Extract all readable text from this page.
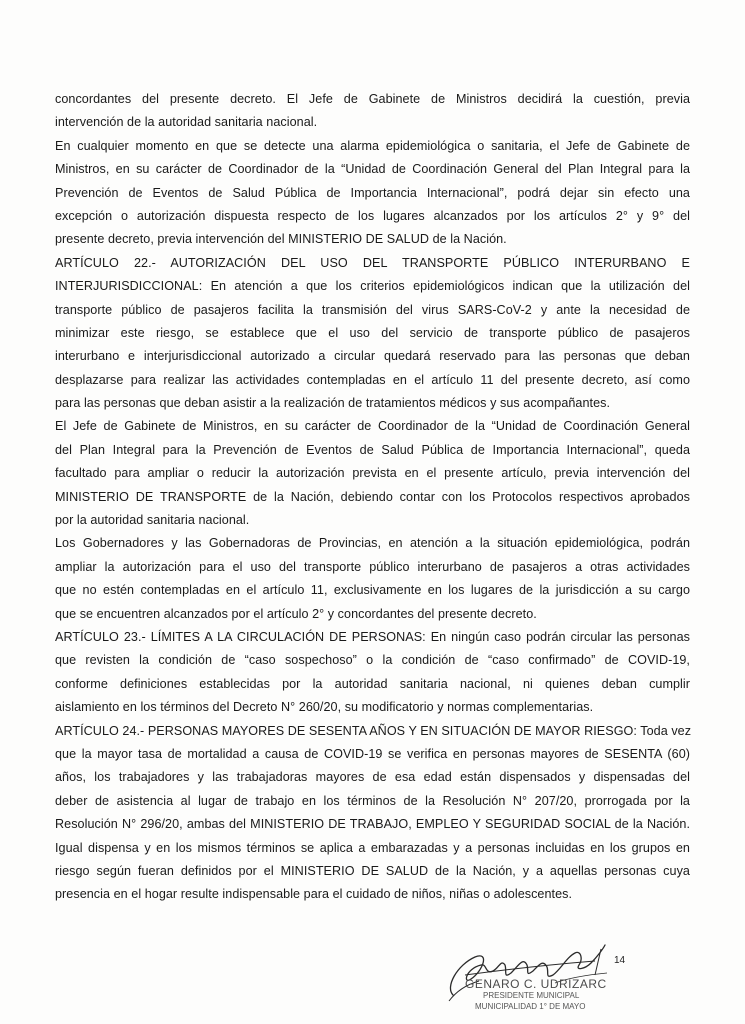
concordantes del presente decreto. El Jefe de Gabinete de Ministros decidirá la cuestión, previa
intervención de la autoridad sanitaria nacional.
En cualquier momento en que se detecte una alarma epidemiológica o sanitaria, el Jefe de Gabinete de
Ministros, en su carácter de Coordinador de la “Unidad de Coordinación General del Plan Integral para la
Prevención de Eventos de Salud Pública de Importancia Internacional”, podrá dejar sin efecto una
excepción o autorización dispuesta respecto de los lugares alcanzados por los artículos 2° y 9° del
presente decreto, previa intervención del MINISTERIO DE SALUD de la Nación.
ARTÍCULO 22.- AUTORIZACIÓN DEL USO DEL TRANSPORTE PÚBLICO INTERURBANO E
INTERJURISDICCIONAL: En atención a que los criterios epidemiológicos indican que la utilización del
transporte público de pasajeros facilita la transmisión del virus SARS-CoV-2 y ante la necesidad de
minimizar este riesgo, se establece que el uso del servicio de transporte público de pasajeros
interurbano e interjurisdiccional autorizado a circular quedará reservado para las personas que deban
desplazarse para realizar las actividades contempladas en el artículo 11 del presente decreto, así como
para las personas que deban asistir a la realización de tratamientos médicos y sus acompañantes.
El Jefe de Gabinete de Ministros, en su carácter de Coordinador de la “Unidad de Coordinación General
del Plan Integral para la Prevención de Eventos de Salud Pública de Importancia Internacional”, queda
facultado para ampliar o reducir la autorización prevista en el presente artículo, previa intervención del
MINISTERIO DE TRANSPORTE de la Nación, debiendo contar con los Protocolos respectivos aprobados
por la autoridad sanitaria nacional.
Los Gobernadores y las Gobernadoras de Provincias, en atención a la situación epidemiológica, podrán
ampliar la autorización para el uso del transporte público interurbano de pasajeros a otras actividades
que no estén contempladas en el artículo 11, exclusivamente en los lugares de la jurisdicción a su cargo
que se encuentren alcanzados por el artículo 2° y concordantes del presente decreto.
ARTÍCULO 23.- LÍMITES A LA CIRCULACIÓN DE PERSONAS: En ningún caso podrán circular las personas
que revisten la condición de “caso sospechoso” o la condición de “caso confirmado” de COVID-19,
conforme definiciones establecidas por la autoridad sanitaria nacional, ni quienes deban cumplir
aislamiento en los términos del Decreto N° 260/20, su modificatorio y normas complementarias.
ARTÍCULO 24.- PERSONAS MAYORES DE SESENTA AÑOS Y EN SITUACIÓN DE MAYOR RIESGO: Toda vez
que la mayor tasa de mortalidad a causa de COVID-19 se verifica en personas mayores de SESENTA (60)
años, los trabajadores y las trabajadoras mayores de esa edad están dispensados y dispensadas del
deber de asistencia al lugar de trabajo en los términos de la Resolución N° 207/20, prorrogada por la
Resolución N° 296/20, ambas del MINISTERIO DE TRABAJO, EMPLEO Y SEGURIDAD SOCIAL de la Nación.
Igual dispensa y en los mismos términos se aplica a embarazadas y a personas incluidas en los grupos en
riesgo según fueran definidos por el MINISTERIO DE SALUD de la Nación, y a aquellas personas cuya
presencia en el hogar resulte indispensable para el cuidado de niños, niñas o adolescentes.
GENARO C. UDRIZARC
PRESIDENTE MUNICIPAL
MUNICIPALIDAD 1° DE MAYO
14
